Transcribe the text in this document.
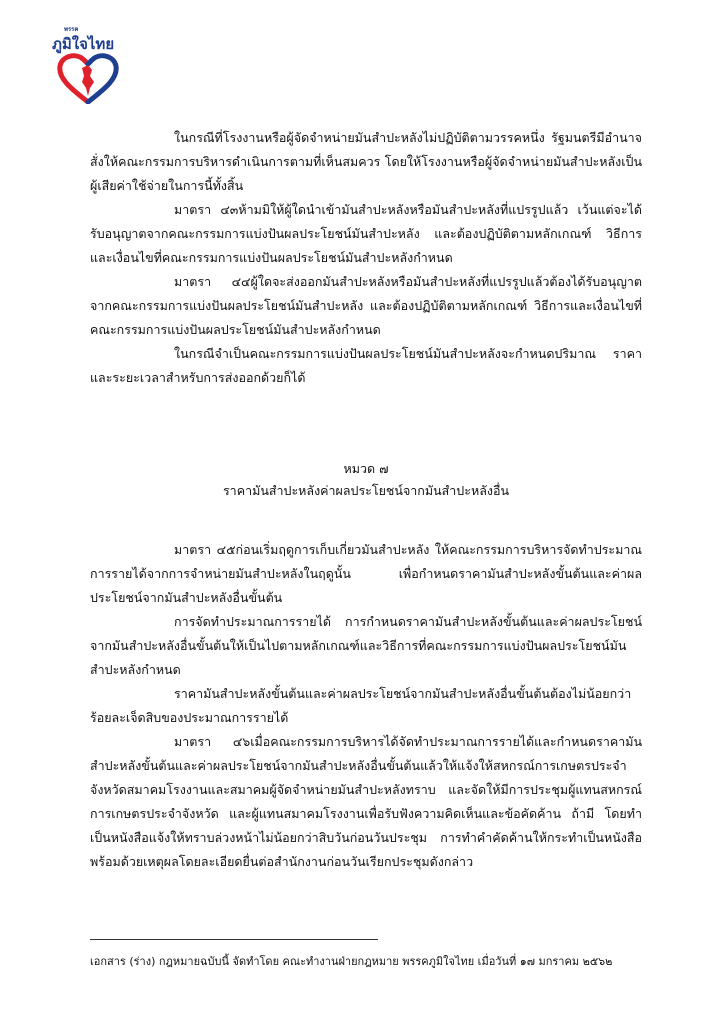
พรรค
ภูมิใจไทย

ในกรณีที่โรงงานหรือผู้จัดจำหน่ายมันสำปะหลังไม่ปฏิบัติตามวรรคหนึ่ง รัฐมนตรีมีอำนาจสั่งให้คณะกรรมการบริหารดำเนินการตามที่เห็นสมควร โดยให้โรงงานหรือผู้จัดจำหน่ายมันสำปะหลังเป็นผู้เสียค่าใช้จ่ายในการนี้ทั้งสิ้น

มาตรา ๔๓ห้ามมิให้ผู้ใดนำเข้ามันสำปะหลังหรือมันสำปะหลังที่แปรรูปแล้ว เว้นแต่จะได้รับอนุญาตจากคณะกรรมการแบ่งปันผลประโยชน์มันสำปะหลัง และต้องปฏิบัติตามหลักเกณฑ์ วิธีการและเงื่อนไขที่คณะกรรมการแบ่งปันผลประโยชน์มันสำปะหลังกำหนด

มาตรา ๔๔ผู้ใดจะส่งออกมันสำปะหลังหรือมันสำปะหลังที่แปรรูปแล้วต้องได้รับอนุญาตจากคณะกรรมการแบ่งปันผลประโยชน์มันสำปะหลัง และต้องปฏิบัติตามหลักเกณฑ์ วิธีการและเงื่อนไขที่คณะกรรมการแบ่งปันผลประโยชน์มันสำปะหลังกำหนด

ในกรณีจำเป็นคณะกรรมการแบ่งปันผลประโยชน์มันสำปะหลังจะกำหนดปริมาณ ราคาและระยะเวลาสำหรับการส่งออกด้วยก็ได้

หมวด ๗
ราคามันสำปะหลังค่าผลประโยชน์จากมันสำปะหลังอื่น

มาตรา ๔๕ก่อนเริ่มฤดูการเก็บเกี่ยวมันสำปะหลัง ให้คณะกรรมการบริหารจัดทำประมาณการรายได้จากการจำหน่ายมันสำปะหลังในฤดูนั้น เพื่อกำหนดราคามันสำปะหลังขั้นต้นและค่าผลประโยชน์จากมันสำปะหลังอื่นขั้นต้น

การจัดทำประมาณการรายได้ การกำหนดราคามันสำปะหลังขั้นต้นและค่าผลประโยชน์จากมันสำปะหลังอื่นขั้นต้นให้เป็นไปตามหลักเกณฑ์และวิธีการที่คณะกรรมการแบ่งปันผลประโยชน์มันสำปะหลังกำหนด

ราคามันสำปะหลังขั้นต้นและค่าผลประโยชน์จากมันสำปะหลังอื่นขั้นต้นต้องไม่น้อยกว่าร้อยละเจ็ดสิบของประมาณการรายได้

มาตรา ๔๖เมื่อคณะกรรมการบริหารได้จัดทำประมาณการรายได้และกำหนดราคามันสำปะหลังขั้นต้นและค่าผลประโยชน์จากมันสำปะหลังอื่นขั้นต้นแล้วให้แจ้งให้สหกรณ์การเกษตรประจำจังหวัดสมาคมโรงงานและสมาคมผู้จัดจำหน่ายมันสำปะหลังทราบ และจัดให้มีการประชุมผู้แทนสหกรณ์การเกษตรประจำจังหวัด และผู้แทนสมาคมโรงงานเพื่อรับฟังความคิดเห็นและข้อคัดค้าน ถ้ามี โดยทำเป็นหนังสือแจ้งให้ทราบล่วงหน้าไม่น้อยกว่าสิบวันก่อนวันประชุม การทำคำคัดค้านให้กระทำเป็นหนังสือพร้อมด้วยเหตุผลโดยละเอียดยื่นต่อสำนักงานก่อนวันเรียกประชุมดังกล่าว

เอกสาร (ร่าง) กฎหมายฉบับนี้ จัดทำโดย คณะทำงานฝ่ายกฎหมาย พรรคภูมิใจไทย เมื่อวันที่ ๑๗ มกราคม ๒๕๖๒
